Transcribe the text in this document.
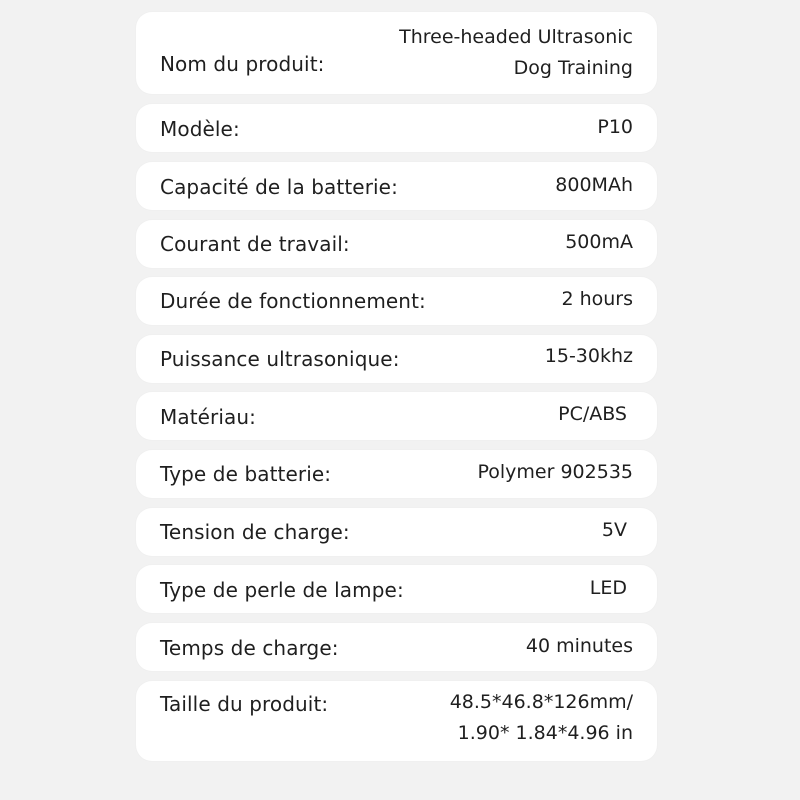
Nom du produit:
Three-headed Ultrasonic
Dog Training
Modèle:	P10
Capacité de la batterie:	800MAh
Courant de travail:	500mA
Durée de fonctionnement:	2 hours
Puissance ultrasonique:	15-30khz
Matériau:	PC/ABS
Type de batterie:	Polymer 902535
Tension de charge:	5V
Type de perle de lampe:	LED
Temps de charge:	40 minutes
Taille du produit:	48.5*46.8*126mm/
1.90* 1.84*4.96 in
